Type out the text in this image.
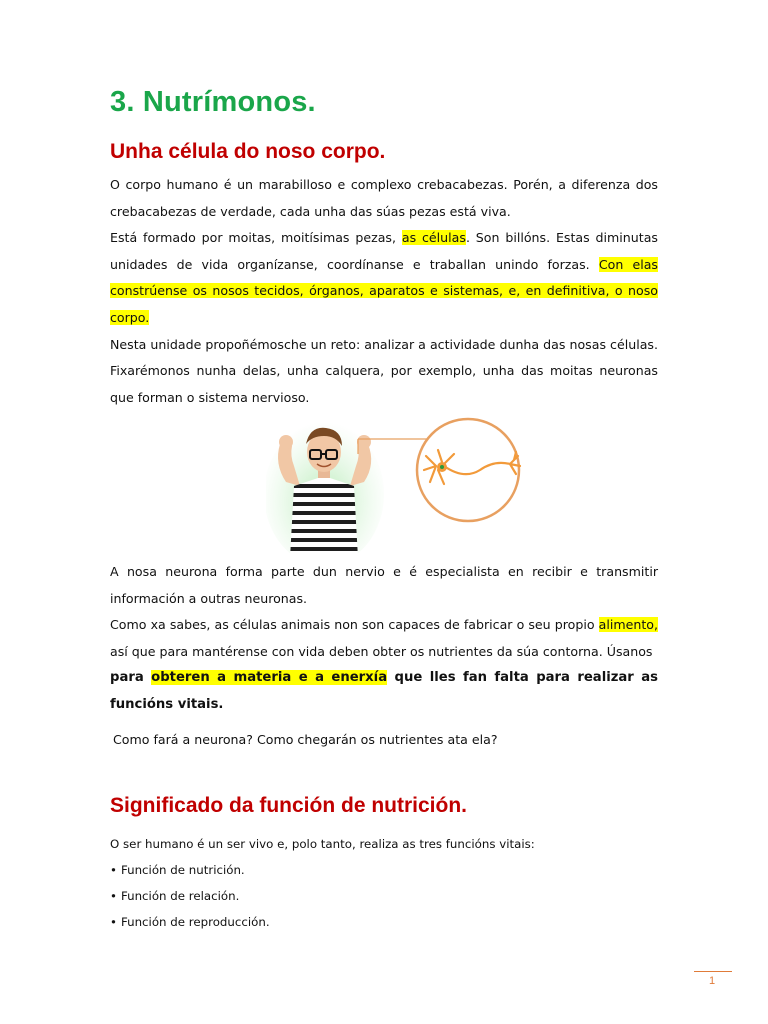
3. Nutrímonos.
Unha célula do noso corpo.

O corpo humano é un marabilloso e complexo crebacabezas. Porén, a diferenza dos crebacabezas de verdade, cada unha das súas pezas está viva.

Está formado por moitas, moitísimas pezas, as células. Son billóns. Estas diminutas unidades de vida organízanse, coordínanse e traballan unindo forzas. Con elas constrúense os nosos tecidos, órganos, aparatos e sistemas, e, en definitiva, o noso corpo.

Nesta unidade propoñémosche un reto: analizar a actividade dunha das nosas células. Fixarémonos nunha delas, unha calquera, por exemplo, unha das moitas neuronas que forman o sistema nervioso.

A nosa neurona forma parte dun nervio e é especialista en recibir e transmitir información a outras neuronas.

Como xa sabes, as células animais non son capaces de fabricar o seu propio alimento, así que para mantérense con vida deben obter os nutrientes da súa contorna. Úsanos

para obteren a materia e a enerxía que lles fan falta para realizar as funcións vitais.

Como fará a neurona? Como chegarán os nutrientes ata ela?
Significado da función de nutrición.
O ser humano é un ser vivo e, polo tanto, realiza as tres funcións vitais:
• Función de nutrición.
• Función de relación.
• Función de reproducción.
1
